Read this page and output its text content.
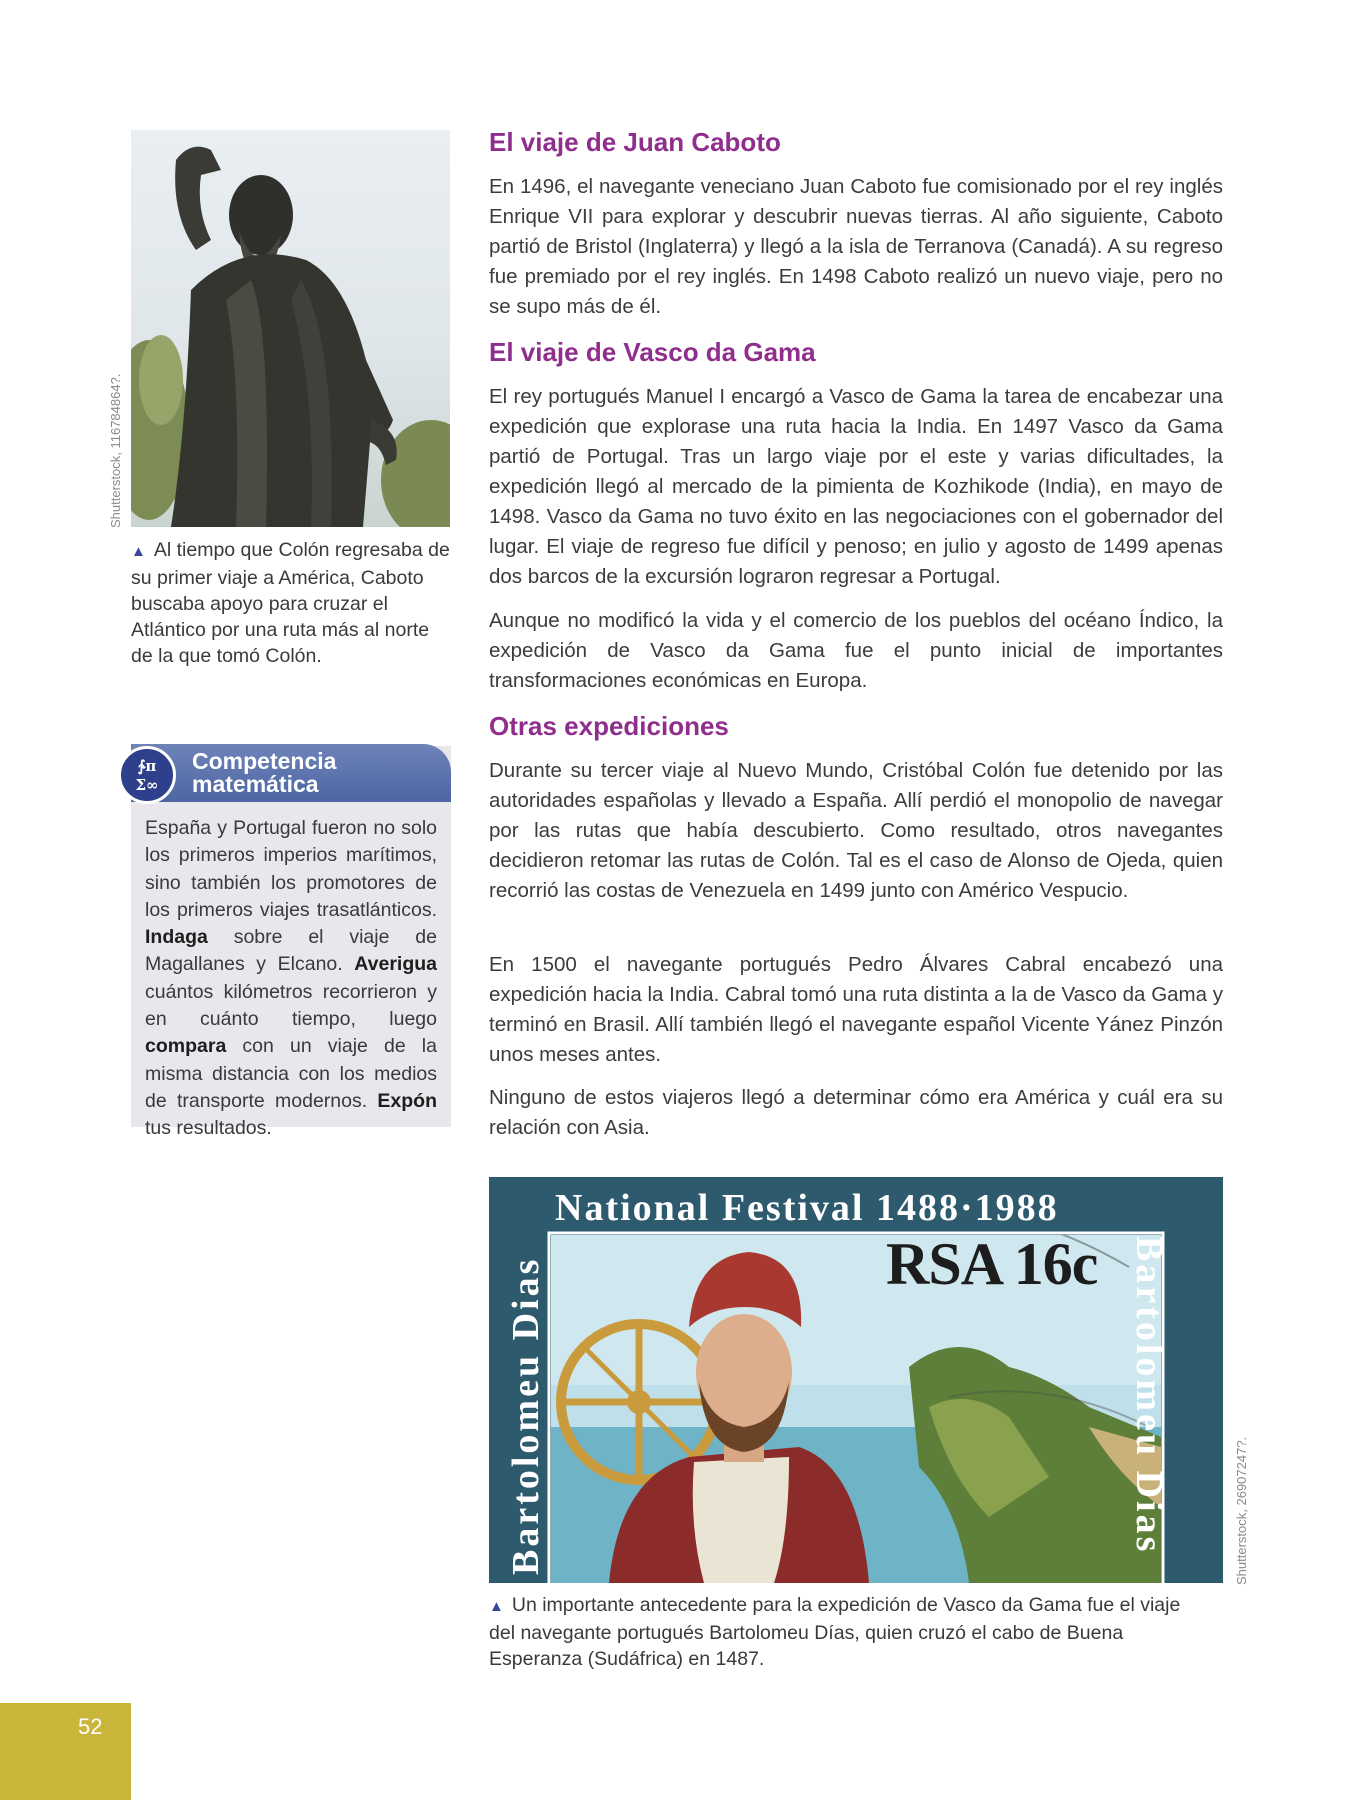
Shutterstock, 116784864?.
▲ Al tiempo que Colón regresaba de su primer viaje a América, Caboto buscaba apoyo para cruzar el Atlántico por una ruta más al norte de la que tomó Colón.
∱π
Σ∞
Competencia matemática
España y Portugal fueron no solo los primeros imperios marítimos, sino también los promotores de los primeros viajes trasatlánticos. Indaga sobre el viaje de Magallanes y Elcano. Averigua cuántos kilómetros recorrieron y en cuánto tiempo, luego compara con un viaje de la misma distancia con los medios de transporte modernos. Expón tus resultados.
El viaje de Juan Caboto

En 1496, el navegante veneciano Juan Caboto fue comisionado por el rey inglés Enrique VII para explorar y descubrir nuevas tierras. Al año siguiente, Caboto partió de Bristol (Inglaterra) y llegó a la isla de Terranova (Canadá). A su regreso fue premiado por el rey inglés. En 1498 Caboto realizó un nuevo viaje, pero no se supo más de él.

El viaje de Vasco da Gama

El rey portugués Manuel I encargó a Vasco de Gama la tarea de encabezar una expedición que explorase una ruta hacia la India. En 1497 Vasco da Gama partió de Portugal. Tras un largo viaje por el este y varias dificultades, la expedición llegó al mercado de la pimienta de Kozhikode (India), en mayo de 1498. Vasco da Gama no tuvo éxito en las negociaciones con el gobernador del lugar. El viaje de regreso fue difícil y penoso; en julio y agosto de 1499 apenas dos barcos de la excursión lograron regresar a Portugal.

Aunque no modificó la vida y el comercio de los pueblos del océano Índico, la expedición de Vasco da Gama fue el punto inicial de importantes transformaciones económicas en Europa.

Otras expediciones

Durante su tercer viaje al Nuevo Mundo, Cristóbal Colón fue detenido por las autoridades españolas y llevado a España. Allí perdió el monopolio de navegar por las rutas que había descubierto. Como resultado, otros navegantes decidieron retomar las rutas de Colón. Tal es el caso de Alonso de Ojeda, quien recorrió las costas de Venezuela en 1499 junto con Américo Vespucio.

En 1500 el navegante portugués Pedro Álvares Cabral encabezó una expedición hacia la India. Cabral tomó una ruta distinta a la de Vasco da Gama y terminó en Brasil. Allí también llegó el navegante español Vicente Yánez Pinzón unos meses antes.

Ninguno de estos viajeros llegó a determinar cómo era América y cuál era su relación con Asia.

National Festival 1488·1988
RSA 16c Bartolomeu Dias
Bartolomeu Dias	Shutterstock, 26907247?.
▲ Un importante antecedente para la expedición de Vasco da Gama fue el viaje del navegante portugués Bartolomeu Días, quien cruzó el cabo de Buena Esperanza (Sudáfrica) en 1487.
52
